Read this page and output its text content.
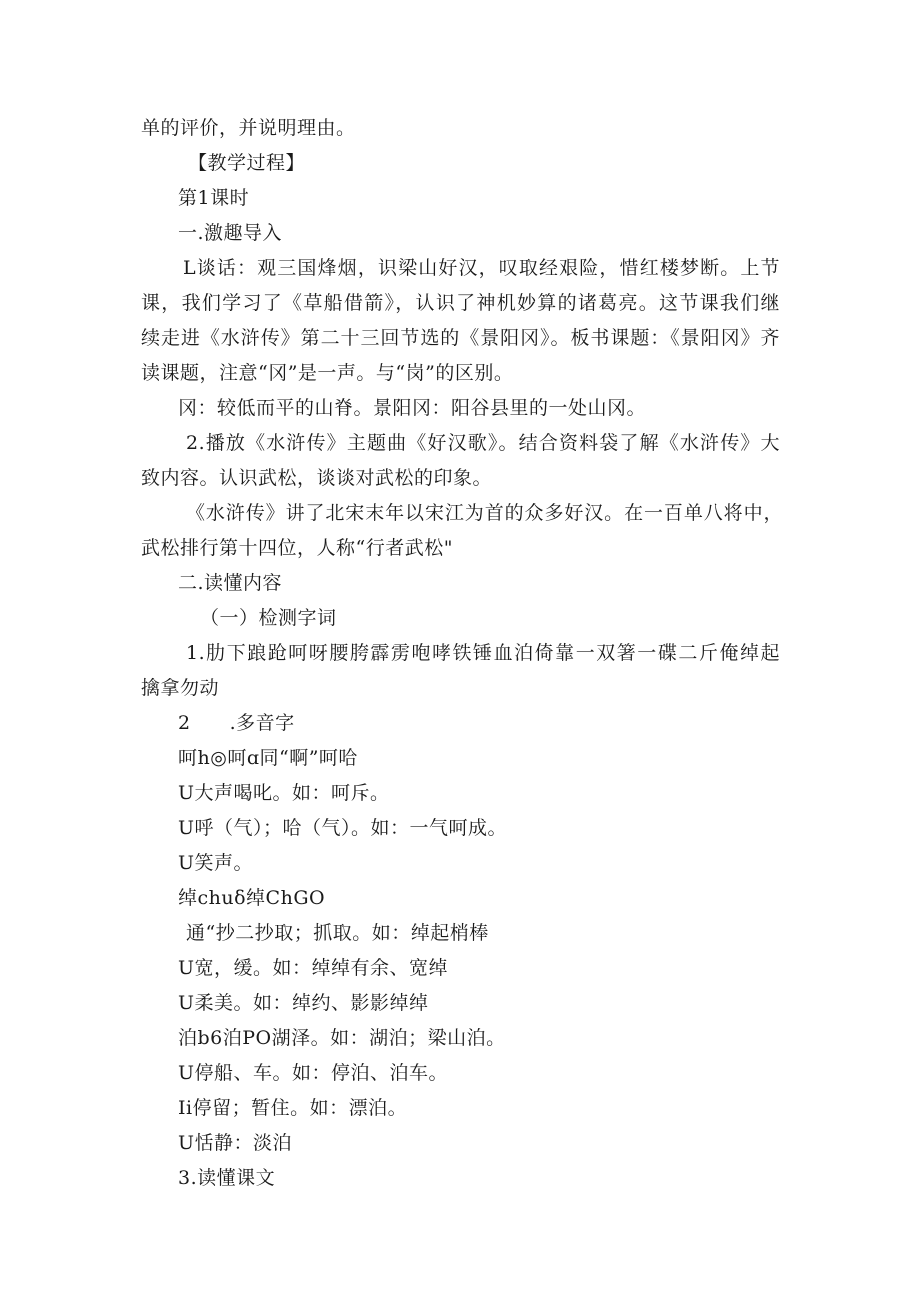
单的评价，并说明理由。
【教学过程】
第1课时
一.激趣导入
L谈话：观三国烽烟，识梁山好汉，叹取经艰险，惜红楼梦断。上节
课，我们学习了《草船借箭》，认识了神机妙算的诸葛亮。这节课我们继
续走进《水浒传》第二十三回节选的《景阳冈》。板书课题：《景阳冈》齐
读课题，注意“冈”是一声。与“岗”的区别。
冈：较低而平的山脊。景阳冈：阳谷县里的一处山冈。
2.播放《水浒传》主题曲《好汉歌》。结合资料袋了解《水浒传》大
致内容。认识武松，谈谈对武松的印象。
《水浒传》讲了北宋末年以宋江为首的众多好汉。在一百单八将中，
武松排行第十四位，人称“行者武松"
二.读懂内容
（一）检测字词
1.肋下踉跄呵呀腰胯霹雳咆哮铁锤血泊倚靠一双箸一碟二斤俺绰起
擒拿勿动
2　　.多音字
呵h◎呵ɑ同“啊”呵哈
U大声喝叱。如：呵斥。
U呼（气）；哈（气）。如：一气呵成。
U笑声。
绰chuδ绰ChGO
通“抄二抄取；抓取。如：绰起梢棒
U宽，缓。如：绰绰有余、宽绰
U柔美。如：绰约、影影绰绰
泊b6泊PO湖泽。如：湖泊；梁山泊。
U停船、车。如：停泊、泊车。
Ii停留；暂住。如：漂泊。
U恬静：淡泊
3.读懂课文
